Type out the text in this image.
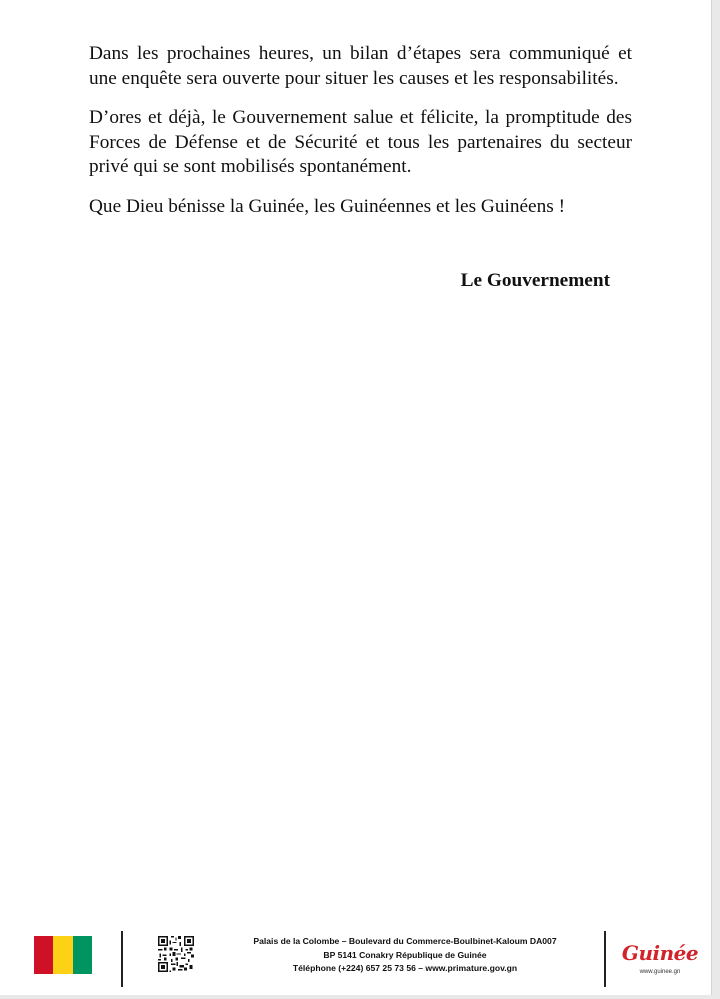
Dans les prochaines heures, un bilan d’étapes sera communiqué et une enquête sera ouverte pour situer les causes et les responsabilités.

D’ores et déjà, le Gouvernement salue et félicite, la promptitude des Forces de Défense et de Sécurité et tous les partenaires du secteur privé qui se sont mobilisés spontanément.

Que Dieu bénisse la Guinée, les Guinéennes et les Guinéens !

Le Gouvernement
Palais de la Colombe – Boulevard du Commerce-Boulbinet-Kaloum DA007
BP 5141 Conakry République de Guinée
Téléphone (+224) 657 25 73 56 – www.primature.gov.gn
Guinée
www.guinee.gn
